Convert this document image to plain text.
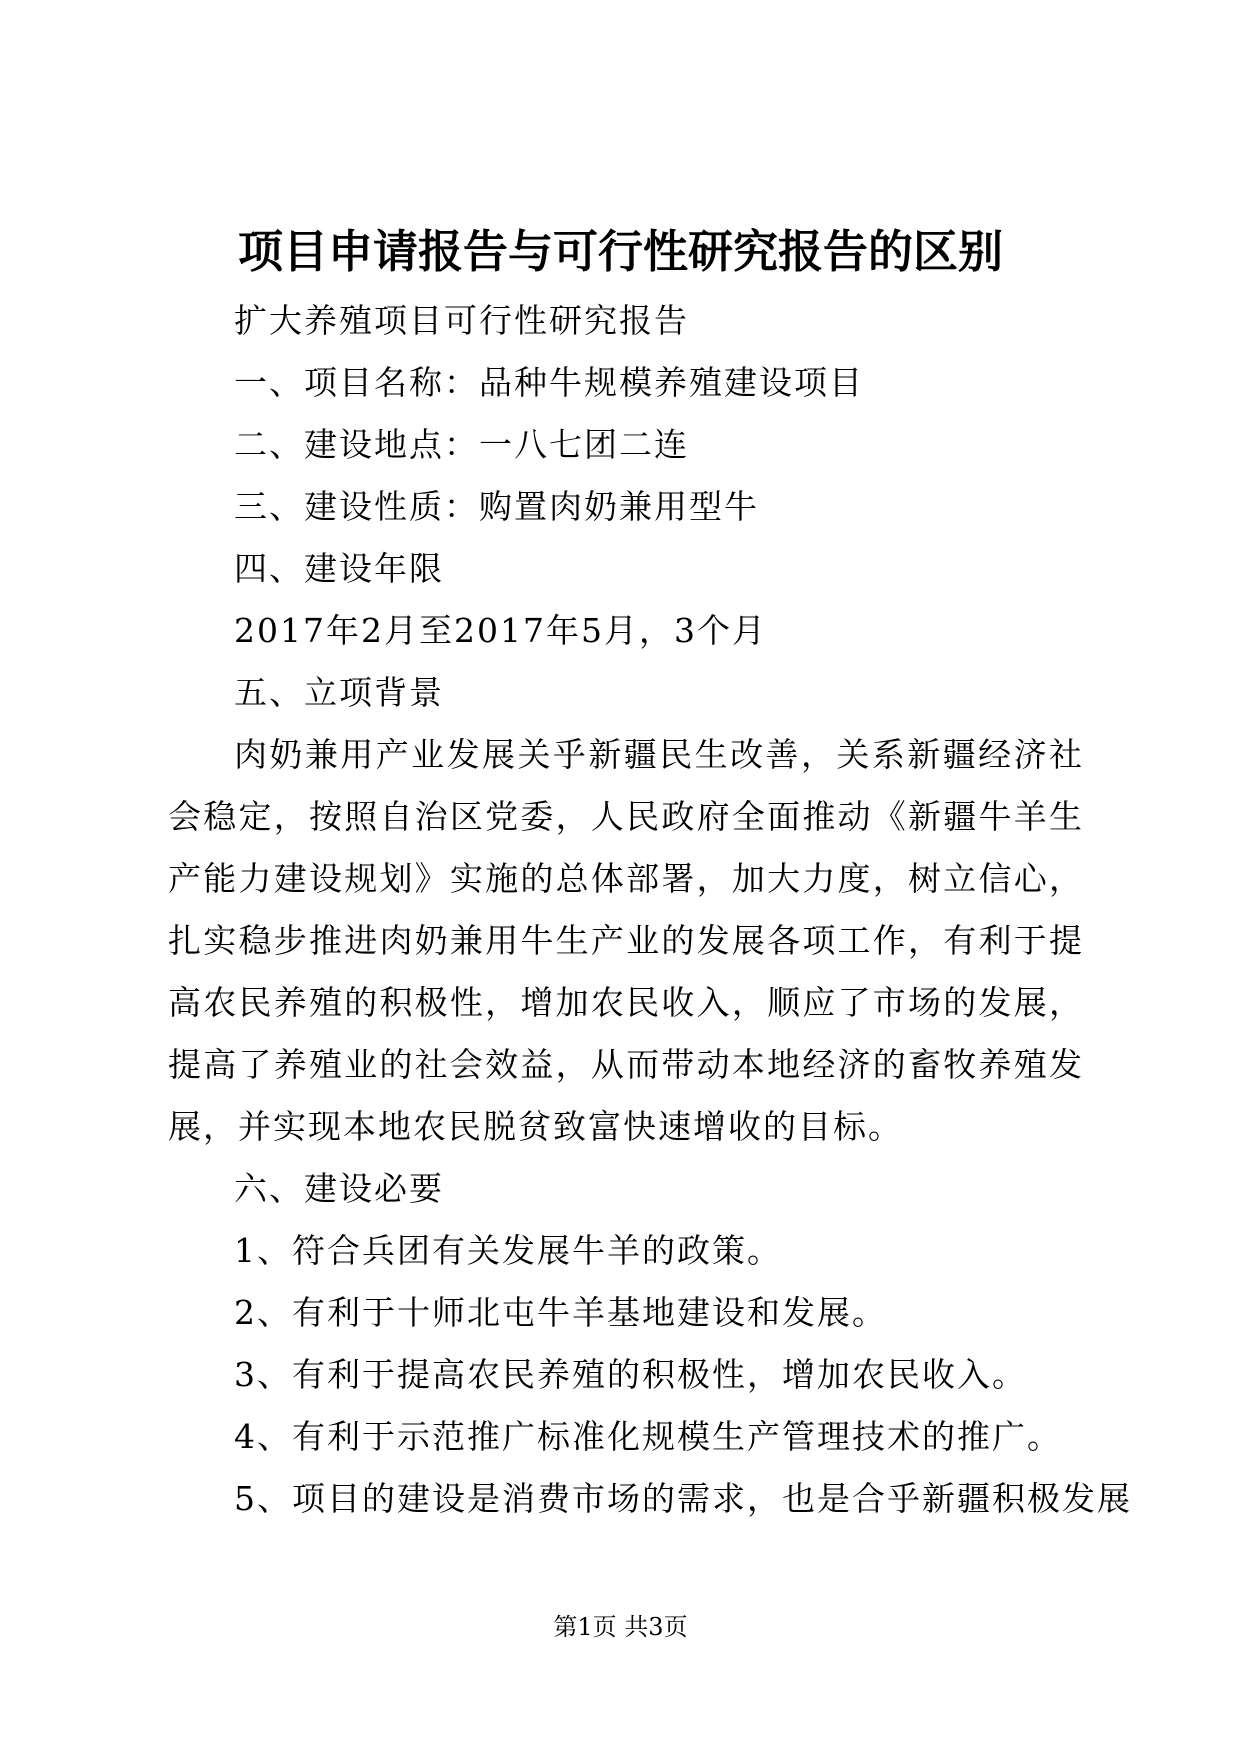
项目申请报告与可行性研究报告的区别

扩大养殖项目可行性研究报告

一、项目名称：品种牛规模养殖建设项目

二、建设地点：一八七团二连

三、建设性质：购置肉奶兼用型牛

四、建设年限

2017年2月至2017年5月，3个月

五、立项背景

肉奶兼用产业发展关乎新疆民生改善，关系新疆经济社会稳定，按照自治区党委，人民政府全面推动《新疆牛羊生产能力建设规划》实施的总体部署，加大力度，树立信心，扎实稳步推进肉奶兼用牛生产业的发展各项工作，有利于提高农民养殖的积极性，增加农民收入，顺应了市场的发展，提高了养殖业的社会效益，从而带动本地经济的畜牧养殖发展，并实现本地农民脱贫致富快速增收的目标。

六、建设必要

1、符合兵团有关发展牛羊的政策。

2、有利于十师北屯牛羊基地建设和发展。

3、有利于提高农民养殖的积极性，增加农民收入。

4、有利于示范推广标准化规模生产管理技术的推广。

5、项目的建设是消费市场的需求，也是合乎新疆积极发展

第1页 共3页
